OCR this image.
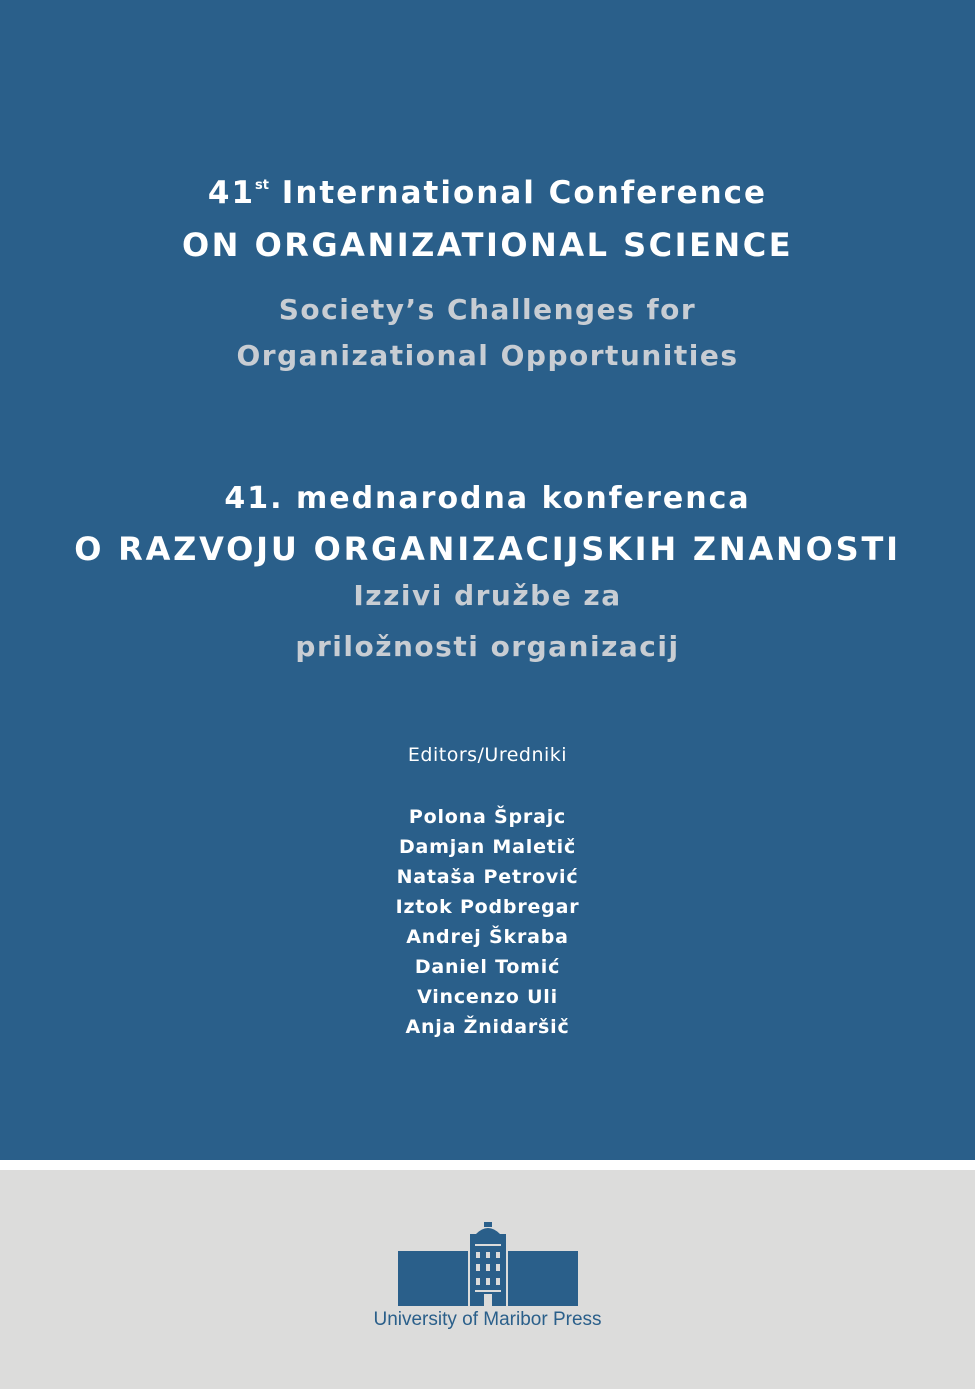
41st International Conference
ON ORGANIZATIONAL SCIENCE
Society’s Challenges for
Organizational Opportunities
41. mednarodna konferenca
O RAZVOJU ORGANIZACIJSKIH ZNANOSTI
Izzivi družbe za
priložnosti organizacij
Editors/Uredniki
Polona Šprajc
Damjan Maletič
Nataša Petrović
Iztok Podbregar
Andrej Škraba
Daniel Tomić
Vincenzo Uli
Anja Žnidaršič
University of Maribor Press
